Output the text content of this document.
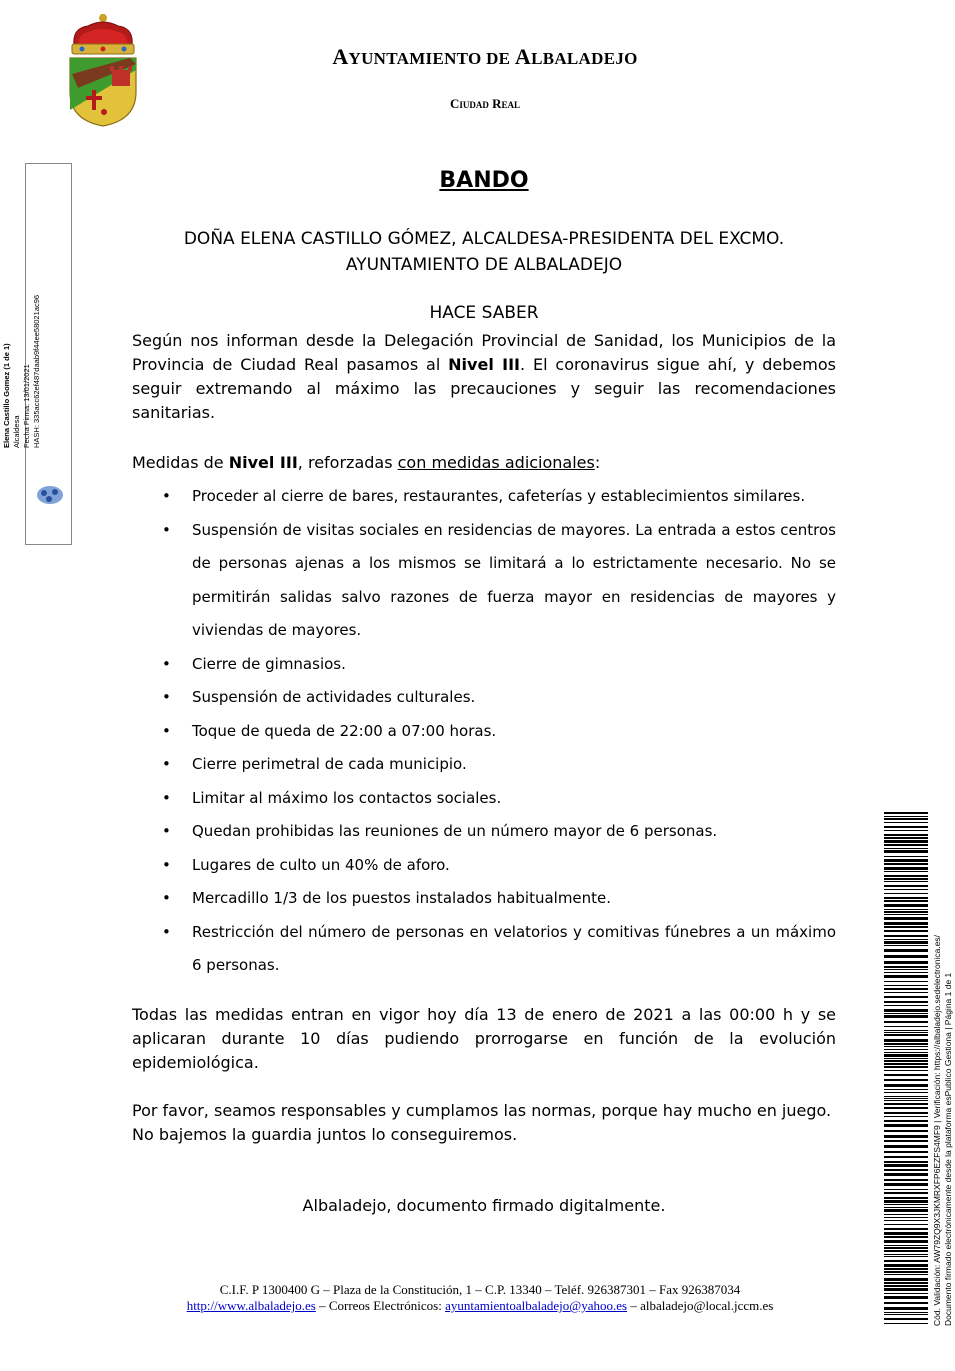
AYUNTAMIENTO DE ALBALADEJO
Ciudad Real
Elena Castillo Gomez (1 de 1) Alcaldesa Fecha Firma: 13/01/2021 HASH: 335acc62ef487daab9f44ee58021ac96
BANDO
DOÑA ELENA CASTILLO GÓMEZ, ALCALDESA-PRESIDENTA DEL EXCMO.
AYUNTAMIENTO DE ALBALADEJO
HACE SABER
Según nos informan desde la Delegación Provincial de Sanidad, los Municipios de la Provincia de Ciudad Real pasamos al Nivel III. El coronavirus sigue ahí, y debemos seguir extremando al máximo las precauciones y seguir las recomendaciones sanitarias.
Medidas de Nivel III, reforzadas con medidas adicionales:
• Proceder al cierre de bares, restaurantes, cafeterías y establecimientos similares.
• Suspensión de visitas sociales en residencias de mayores. La entrada a estos centros de personas ajenas a los mismos se limitará a lo estrictamente necesario. No se permitirán salidas salvo razones de fuerza mayor en residencias de mayores y viviendas de mayores.
• Cierre de gimnasios.
• Suspensión de actividades culturales.
• Toque de queda de 22:00 a 07:00 horas.
• Cierre perimetral de cada municipio.
• Limitar al máximo los contactos sociales.
• Quedan prohibidas las reuniones de un número mayor de 6 personas.
• Lugares de culto un 40% de aforo.
• Mercadillo 1/3 de los puestos instalados habitualmente.
• Restricción del número de personas en velatorios y comitivas fúnebres a un máximo 6 personas.
Todas las medidas entran en vigor hoy día 13 de enero de 2021 a las 00:00 h y se aplicaran durante 10 días pudiendo prorrogarse en función de la evolución epidemiológica.
Por favor, seamos responsables y cumplamos las normas, porque hay mucho en juego.
No bajemos la guardia juntos lo conseguiremos.
Albaladejo, documento firmado digitalmente.
C.I.F. P 1300400 G – Plaza de la Constitución, 1 – C.P. 13340 – Teléf. 926387301 – Fax 926387034
http://www.albaladejo.es – Correos Electrónicos: ayuntamientoalbaladejo@yahoo.es – albaladejo@local.jccm.es	Cód. Validación: AW79ZQ9X3JKMRXFP6EZFS4MF9 | Verificación: https://albaladejo.sedelectronica.es/ Documento firmado electrónicamente desde la plataforma esPublico Gestiona | Página 1 de 1
